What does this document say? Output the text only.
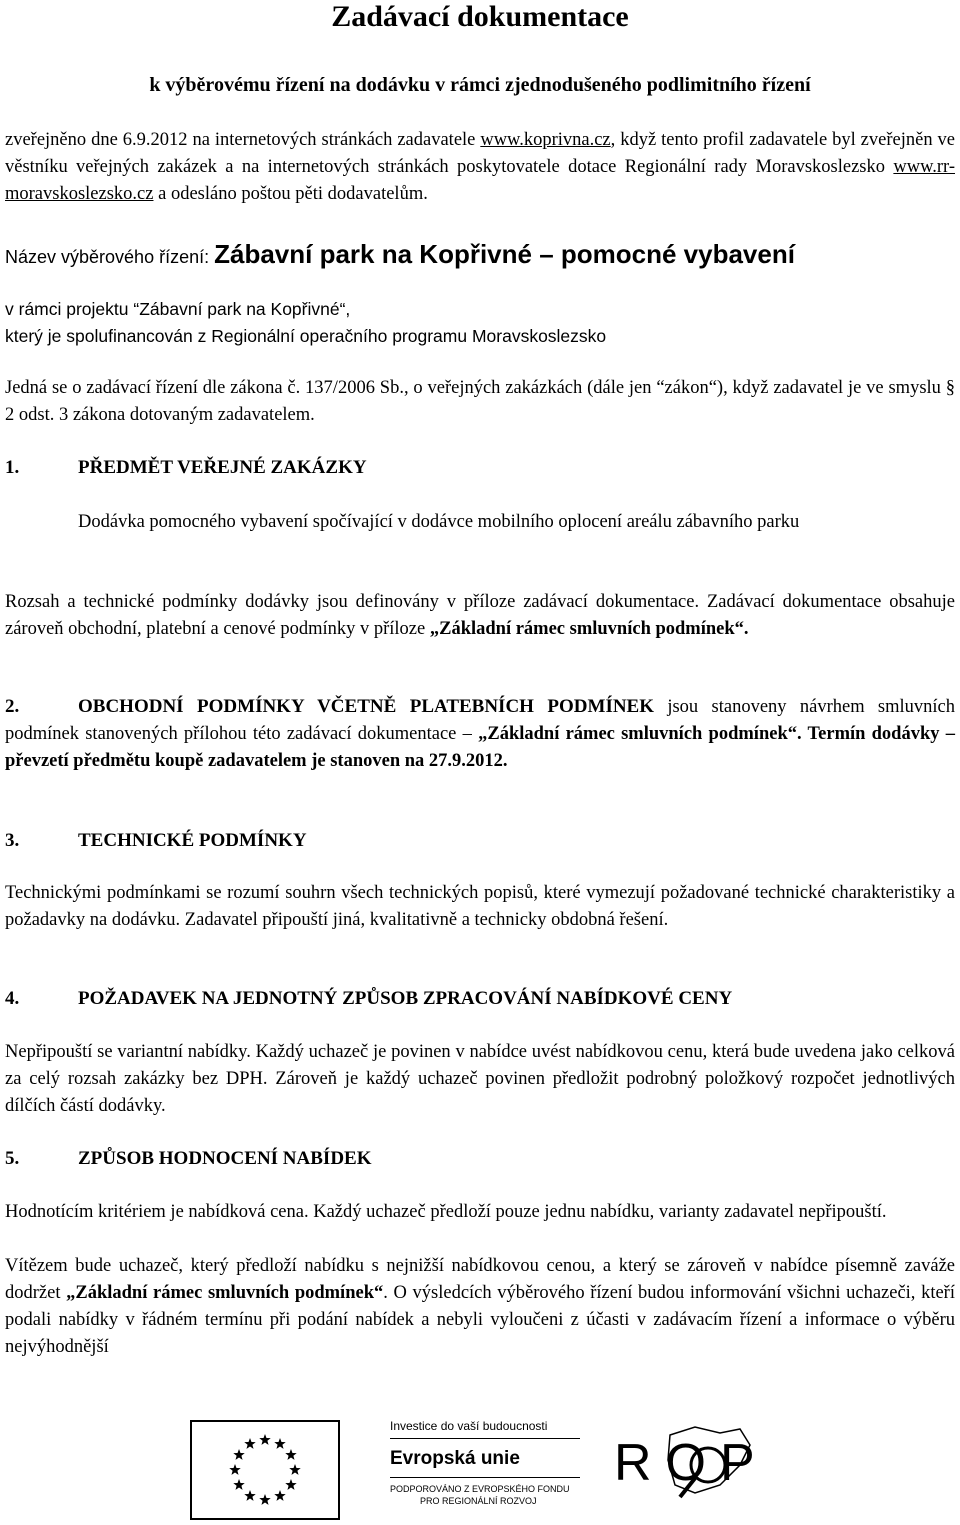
Zadávací dokumentace
k výběrovému řízení na dodávku v rámci zjednodušeného podlimitního řízení
zveřejněno dne 6.9.2012 na internetových stránkách zadavatele www.koprivna.cz, když tento profil zadavatele byl zveřejněn ve věstníku veřejných zakázek a na internetových stránkách poskytovatele dotace Regionální rady Moravskoslezsko www.rr-moravskoslezsko.cz a odesláno poštou pěti dodavatelům.
Název výběrového řízení: Zábavní park na Kopřivné – pomocné vybavení
v rámci projektu “Zábavní park na Kopřivné“,
který je spolufinancován z Regionální operačního programu Moravskoslezsko
Jedná se o zadávací řízení dle zákona č. 137/2006 Sb., o veřejných zakázkách (dále jen “zákon“), když zadavatel je ve smyslu § 2 odst. 3 zákona dotovaným zadavatelem.
1.	PŘEDMĚT VEŘEJNÉ ZAKÁZKY
Dodávka pomocného vybavení spočívající v dodávce mobilního oplocení areálu zábavního parku
Rozsah a technické podmínky dodávky jsou definovány v příloze zadávací dokumentace. Zadávací dokumentace obsahuje zároveň obchodní, platební a cenové podmínky v příloze „Základní rámec smluvních podmínek“.
2.	OBCHODNÍ PODMÍNKY VČETNĚ PLATEBNÍCH PODMÍNEK jsou stanoveny návrhem smluvních podmínek stanovených přílohou této zadávací dokumentace – „Základní rámec smluvních podmínek“. Termín dodávky – převzetí předmětu koupě zadavatelem je stanoven na 27.9.2012.
3.	TECHNICKÉ PODMÍNKY
Technickými podmínkami se rozumí souhrn všech technických popisů, které vymezují požadované technické charakteristiky a požadavky na dodávku. Zadavatel připouští jiná, kvalitativně a technicky obdobná řešení.
4.	POŽADAVEK NA JEDNOTNÝ ZPŮSOB ZPRACOVÁNÍ NABÍDKOVÉ CENY
Nepřipouští se variantní nabídky. Každý uchazeč je povinen v nabídce uvést nabídkovou cenu, která bude uvedena jako celková za celý rozsah zakázky bez DPH. Zároveň je každý uchazeč povinen předložit podrobný položkový rozpočet jednotlivých dílčích částí dodávky.
5.	ZPŮSOB HODNOCENÍ NABÍDEK
Hodnotícím kritériem je nabídková cena. Každý uchazeč předloží pouze jednu nabídku, varianty zadavatel nepřipouští.
Vítězem bude uchazeč, který předloží nabídku s nejnižší nabídkovou cenou, a který se zároveň v nabídce písemně zaváže dodržet „Základní rámec smluvních podmínek“. O výsledcích výběrového řízení budou informování všichni uchazeči, kteří podali nabídky v řádném termínu při podání nabídek a nebyli vyloučeni z účasti v zadávacím řízení a informace o výběru nejvýhodnější
Investice do vaší budoucnosti
Evropská unie
PODPOROVÁNO Z EVROPSKÉHO FONDU
PRO REGIONÁLNÍ ROZVOJ
ROP
